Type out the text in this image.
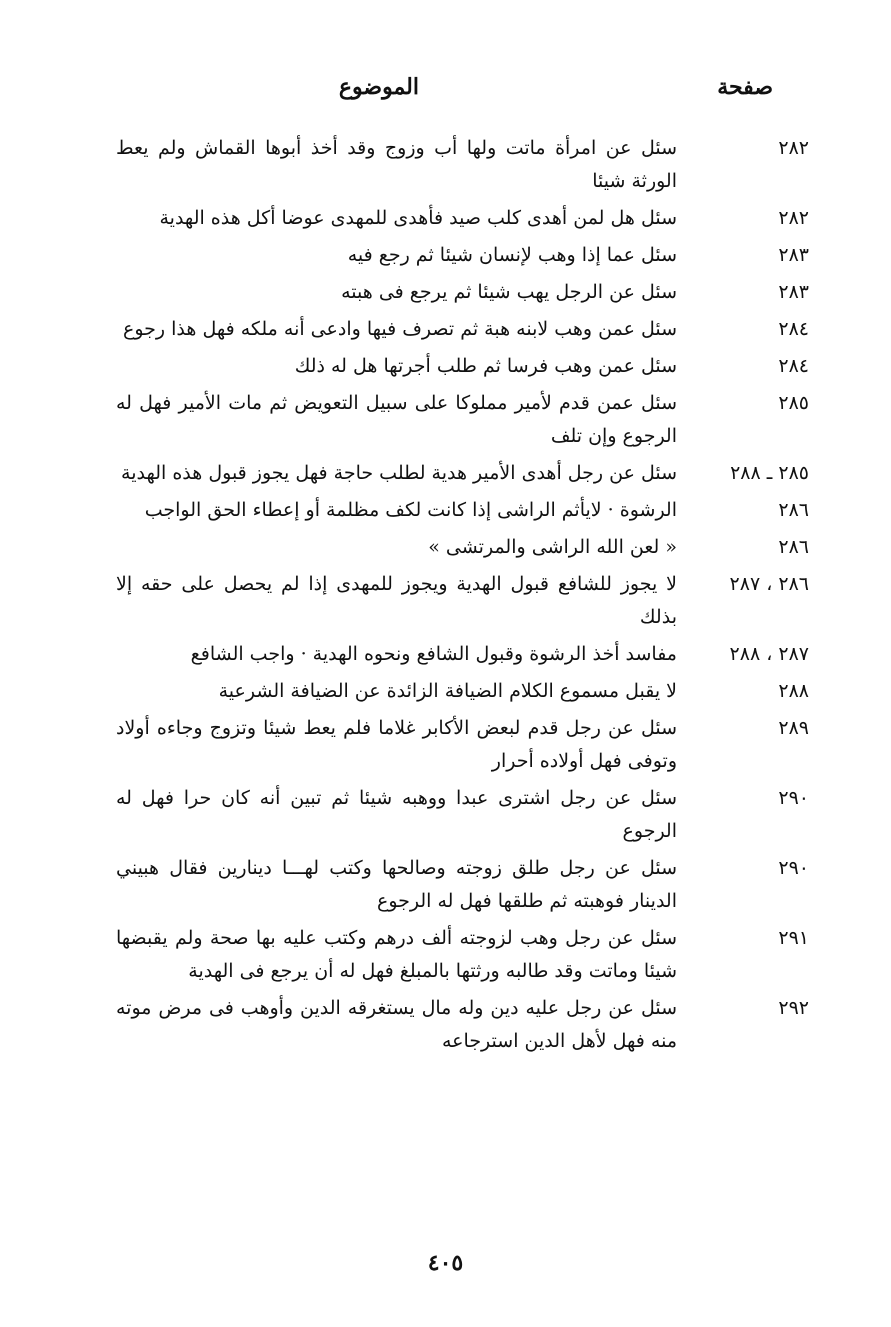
صفحة
الموضوع
٢٨٢
سئل عن امرأة ماتت ولها أب وزوج وقد أخذ أبوها القماش ولم يعط الورثة شيئا
٢٨٢
سئل هل لمن أهدى كلب صيد فأهدى للمهدى عوضا أكل هذه الهدية
٢٨٣
سئل عما إذا وهب لإنسان شيئا ثم رجع فيه
٢٨٣
سئل عن الرجل يهب شيئا ثم يرجع فى هبته
٢٨٤
سئل عمن وهب لابنه هبة ثم تصرف فيها وادعى أنه ملكه فهل هذا رجوع
٢٨٤
سئل عمن وهب فرسا ثم طلب أجرتها هل له ذلك
٢٨٥
سئل عمن قدم لأمير مملوكا على سبيل التعويض ثم مات الأمير فهل له الرجوع وإن تلف
٢٨٥ ـ ٢٨٨
سئل عن رجل أهدى الأمير هدية لطلب حاجة فهل يجوز قبول هذه الهدية
٢٨٦
الرشوة · لايأثم الراشى إذا كانت لكف مظلمة أو إعطاء الحق الواجب
٢٨٦
« لعن الله الراشى والمرتشى »
٢٨٦ ، ٢٨٧
لا يجوز للشافع قبول الهدية ويجوز للمهدى إذا لم يحصل على حقه إلا بذلك
٢٨٧ ، ٢٨٨
مفاسد أخذ الرشوة وقبول الشافع ونحوه الهدية · واجب الشافع
٢٨٨
لا يقبل مسموع الكلام الضيافة الزائدة عن الضيافة الشرعية
٢٨٩
سئل عن رجل قدم لبعض الأكابر غلاما فلم يعط شيئا وتزوج وجاءه أولاد وتوفى فهل أولاده أحرار
٢٩٠
سئل عن رجل اشترى عبدا ووهبه شيئا ثم تبين أنه كان حرا فهل له الرجوع
٢٩٠
سئل عن رجل طلق زوجته وصالحها وكتب لهـــا دينارين فقال هبيني الدينار فوهبته ثم طلقها فهل له الرجوع
٢٩١
سئل عن رجل وهب لزوجته ألف درهم وكتب عليه بها صحة ولم يقبضها شيئا وماتت وقد طالبه ورثتها بالمبلغ فهل له أن يرجع فى الهدية
٢٩٢
سئل عن رجل عليه دين وله مال يستغرقه الدين وأوهب فى مرض موته منه فهل لأهل الدين استرجاعه
٤٠٥
